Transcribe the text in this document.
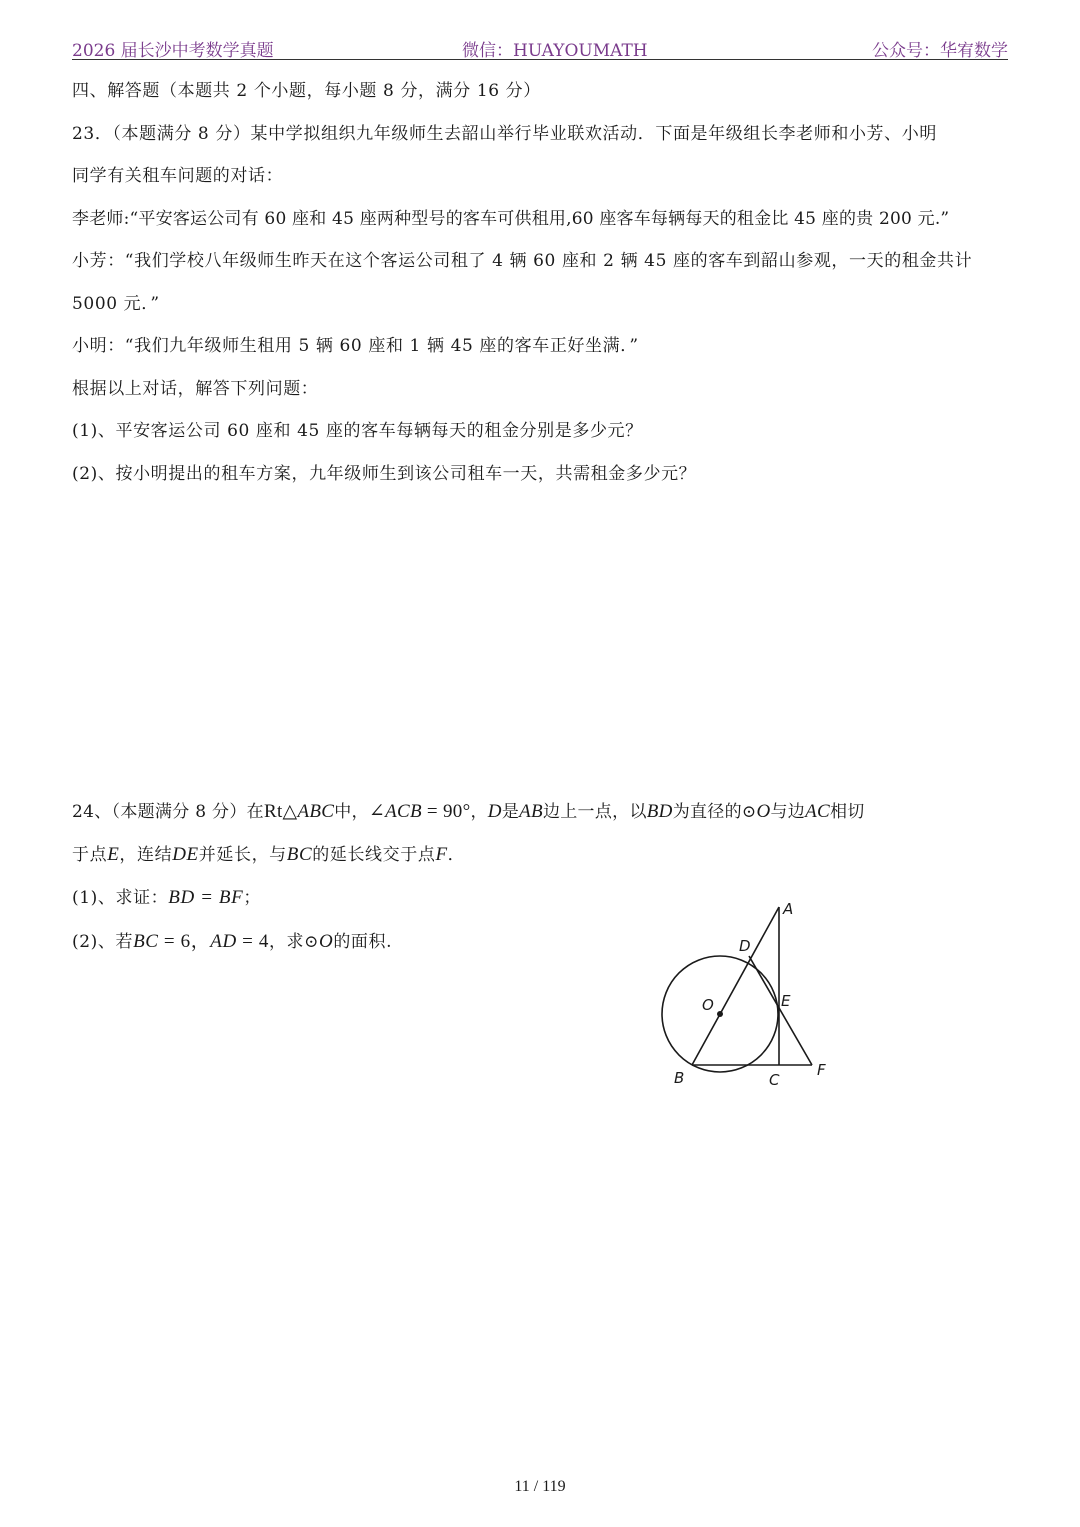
2026 届长沙中考数学真题	微信：HUAYOUMATH	公众号：华宥数学
四、解答题（本题共 2 个小题，每小题 8 分，满分 16 分）
23．（本题满分 8 分）某中学拟组织九年级师生去韶山举行毕业联欢活动．下面是年级组长李老师和小芳、小明
同学有关租车问题的对话：
李老师:“平安客运公司有 60 座和 45 座两种型号的客车可供租用,60 座客车每辆每天的租金比 45 座的贵 200 元.”
小芳：“我们学校八年级师生昨天在这个客运公司租了 4 辆 60 座和 2 辆 45 座的客车到韶山参观，一天的租金共计
5000 元．”
小明：“我们九年级师生租用 5 辆 60 座和 1 辆 45 座的客车正好坐满．”
根据以上对话，解答下列问题：
(1)、平安客运公司 60 座和 45 座的客车每辆每天的租金分别是多少元？
(2)、按小明提出的租车方案，九年级师生到该公司租车一天，共需租金多少元？
24、（本题满分 8 分）在Rt△ABC中，∠ACB = 90°，D是AB边上一点，以BD为直径的⊙O与边AC相切
于点E，连结DE并延长，与BC的延长线交于点F．
(1)、求证：BD = BF；
(2)、若BC = 6，AD = 4，求⊙O的面积.
A
D
O	E
B	C
F
11 / 119
